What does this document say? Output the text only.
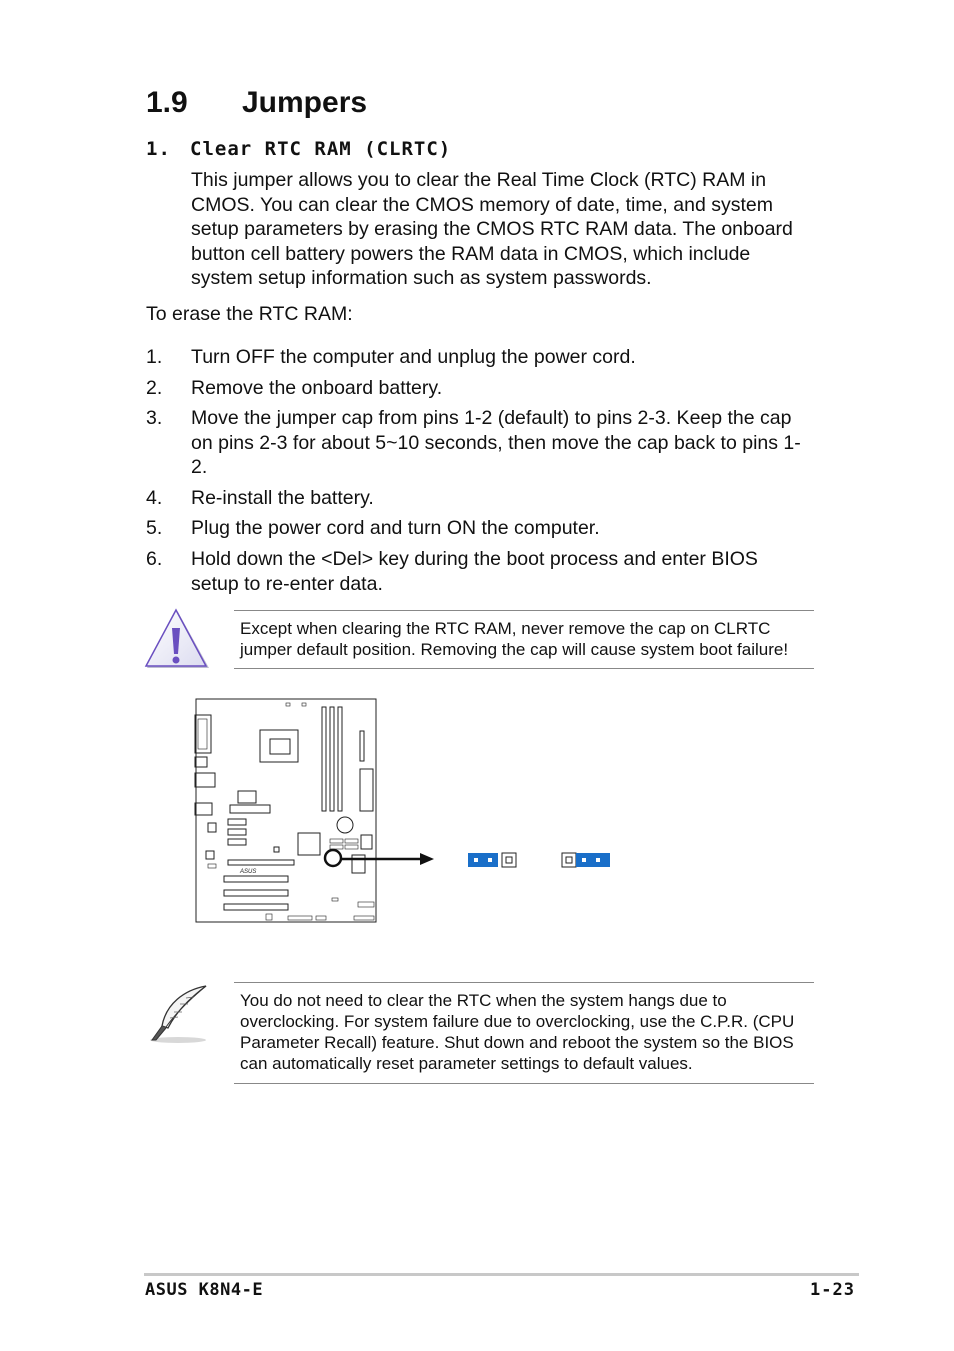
1.9 Jumpers
1. Clear RTC RAM (CLRTC)
This jumper allows you to clear the Real Time Clock (RTC) RAM in CMOS. You can clear the CMOS memory of date, time, and system setup parameters by erasing the CMOS RTC RAM data. The onboard button cell battery powers the RAM data in CMOS, which include system setup information such as system passwords.
To erase the RTC RAM:
1. Turn OFF the computer and unplug the power cord.
2. Remove the onboard battery.
3. Move the jumper cap from pins 1-2 (default) to pins 2-3. Keep the cap on pins 2-3 for about 5~10 seconds, then move the cap back to pins 1-2.
4. Re-install the battery.
5. Plug the power cord and turn ON the computer.
6. Hold down the <Del> key during the boot process and enter BIOS setup to re-enter data.
Except when clearing the RTC RAM, never remove the cap on CLRTC jumper default position. Removing the cap will cause system boot failure!
ASUS
You do not need to clear the RTC when the system hangs due to overclocking. For system failure due to overclocking, use the C.P.R. (CPU Parameter Recall) feature. Shut down and reboot the system so the BIOS can automatically reset parameter settings to default values.
ASUS K8N4-E	1-23
